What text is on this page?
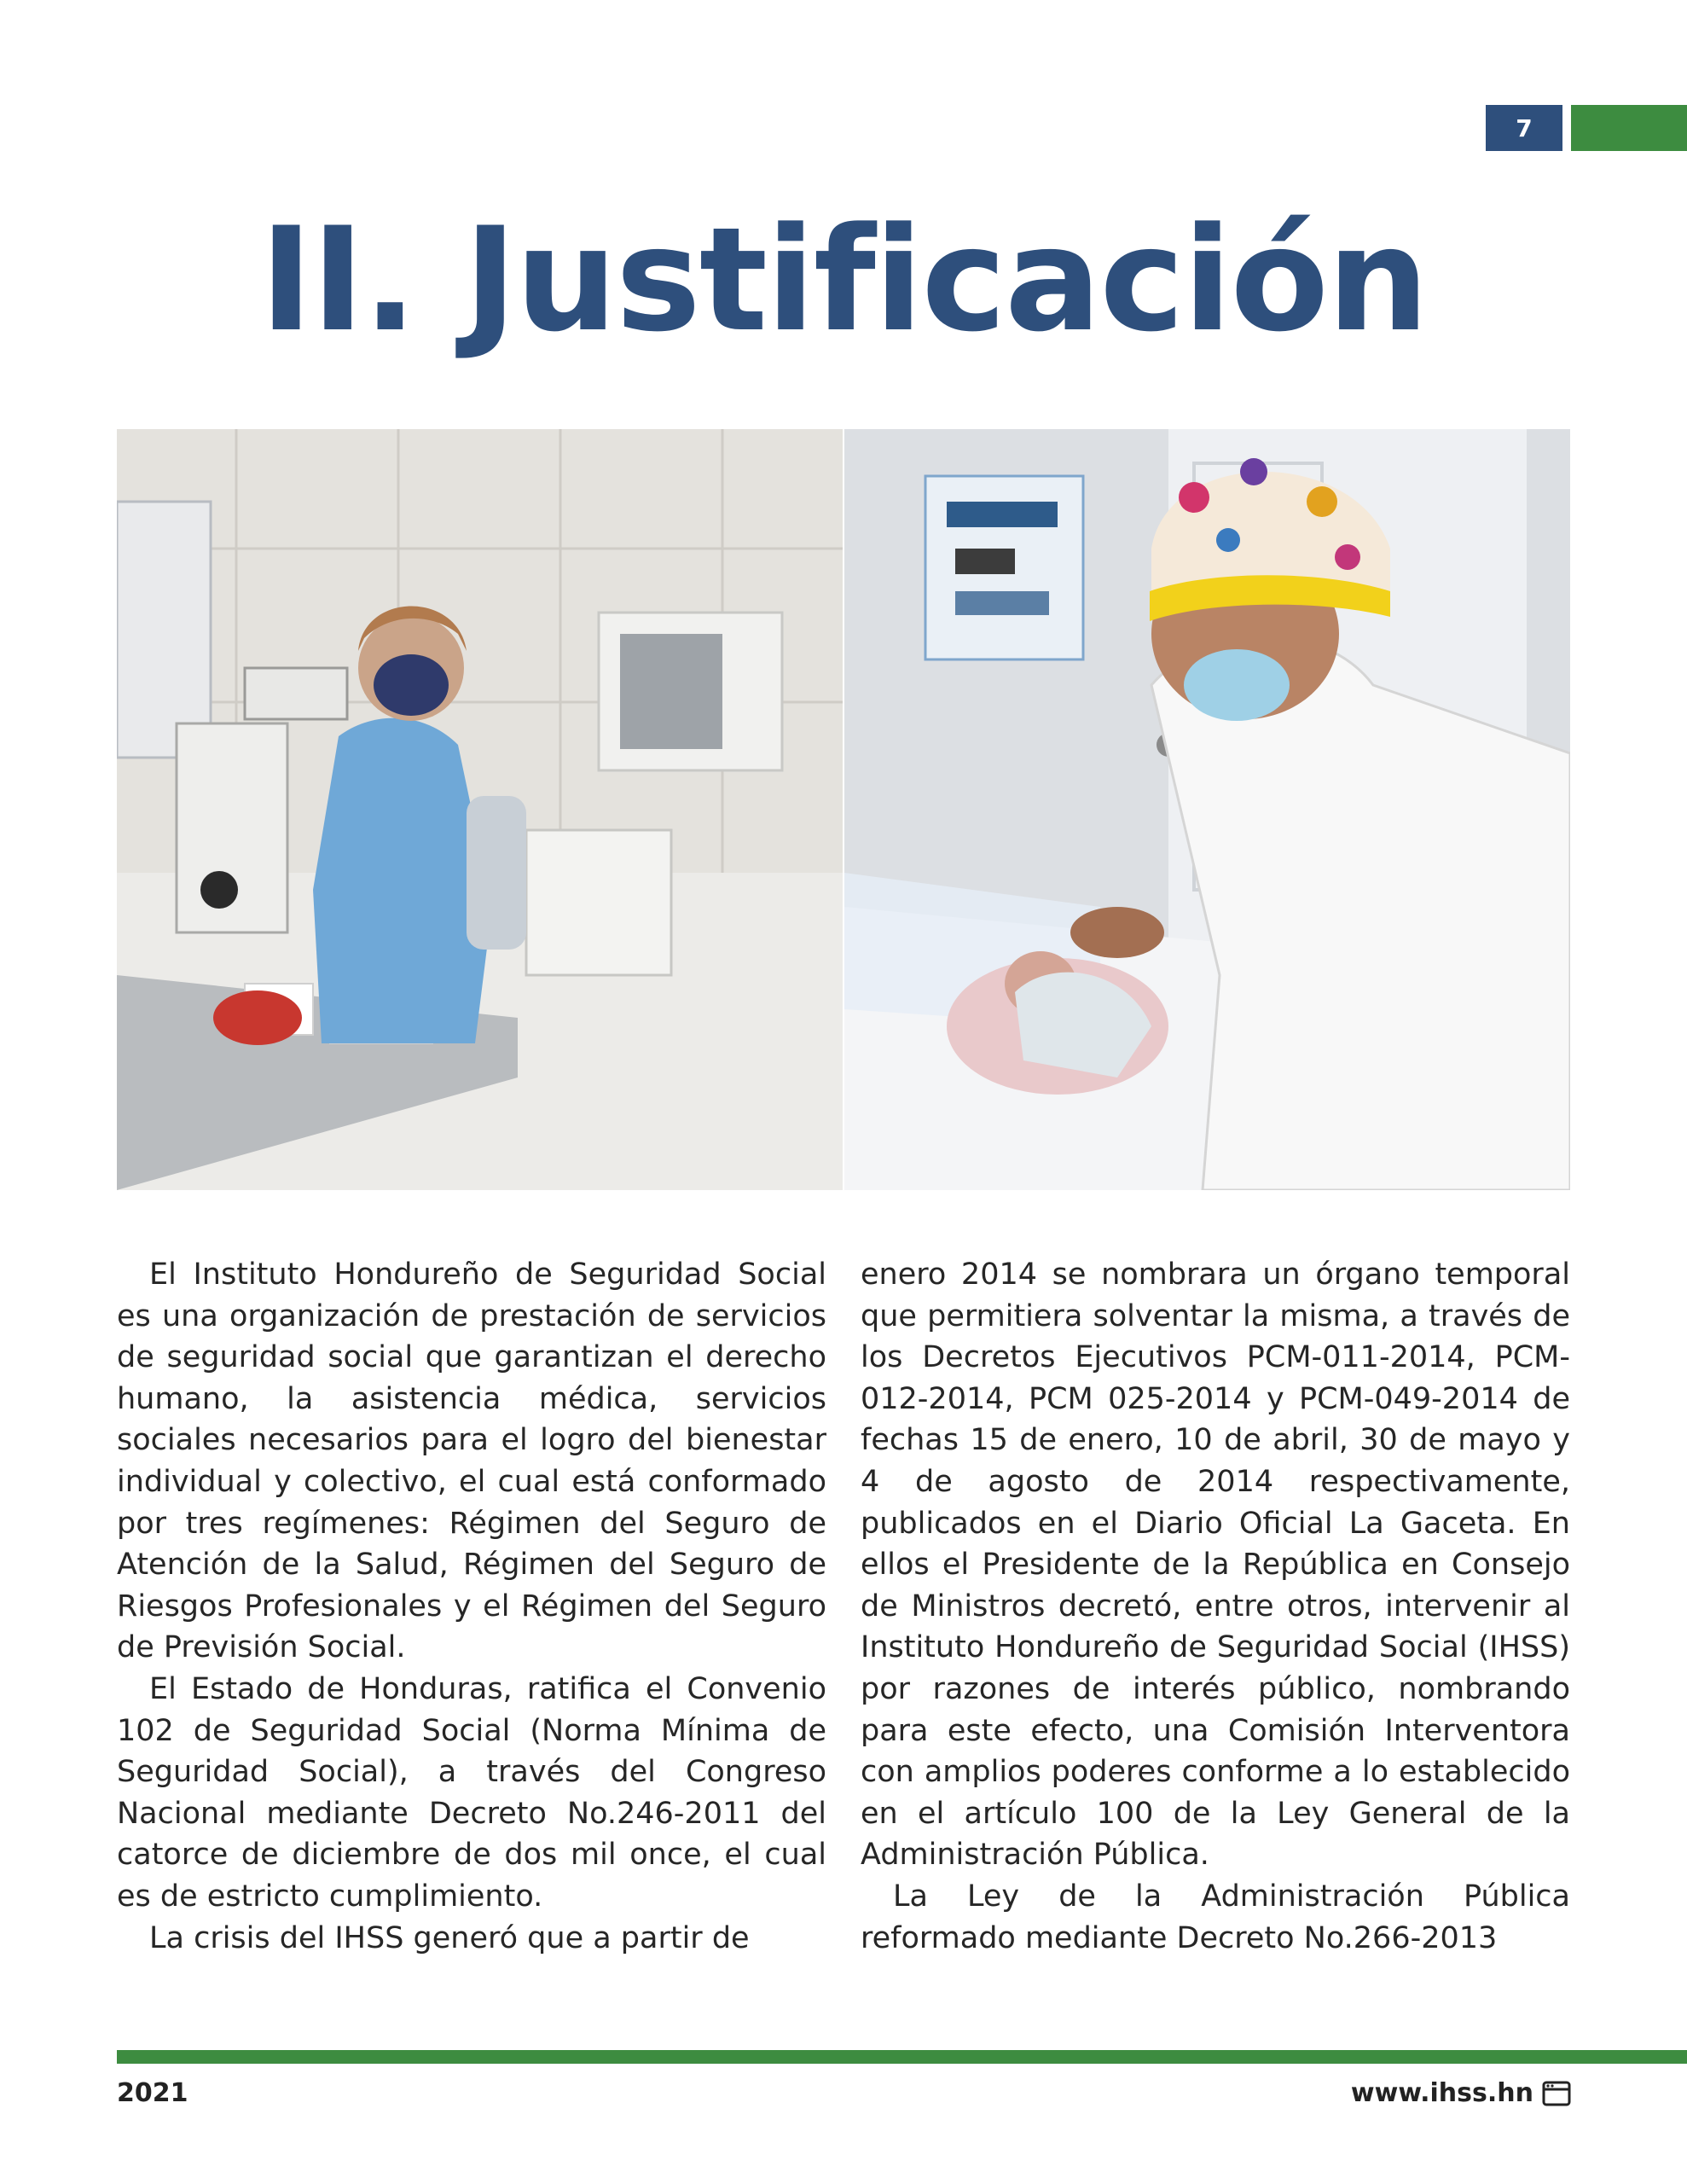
7
II. Justificación

El Instituto Hondureño de Seguridad Social es una organización de prestación de servicios de seguridad social que garantizan el derecho humano, la asistencia médica, servicios sociales necesarios para el logro del bienestar individual y colectivo, el cual está conformado por tres regímenes: Régimen del Seguro de Atención de la Salud, Régimen del Seguro de Riesgos Profesionales y el Régimen del Seguro de Previsión Social.

El Estado de Honduras, ratifica el Convenio 102 de Seguridad Social (Norma Mínima de Seguridad Social), a través del Congreso Nacional mediante Decreto No.246-2011 del catorce de diciembre de dos mil once, el cual es de estricto cumplimiento.

La crisis del IHSS generó que a partir de

enero 2014 se nombrara un órgano temporal que permitiera solventar la misma, a través de los Decretos Ejecutivos PCM-011-2014, PCM-012-2014, PCM 025-2014 y PCM-049-2014 de fechas 15 de enero, 10 de abril, 30 de mayo y 4 de agosto de 2014 respectivamente, publicados en el Diario Oficial La Gaceta. En ellos el Presidente de la República en Consejo de Ministros decretó, entre otros, intervenir al Instituto Hondureño de Seguridad Social (IHSS) por razones de interés público, nombrando para este efecto, una Comisión Interventora con amplios poderes conforme a lo establecido en el artículo 100 de la Ley General de la Administración Pública.

La Ley de la Administración Pública reformado mediante Decreto No.266-2013

2021	www.ihss.hn
